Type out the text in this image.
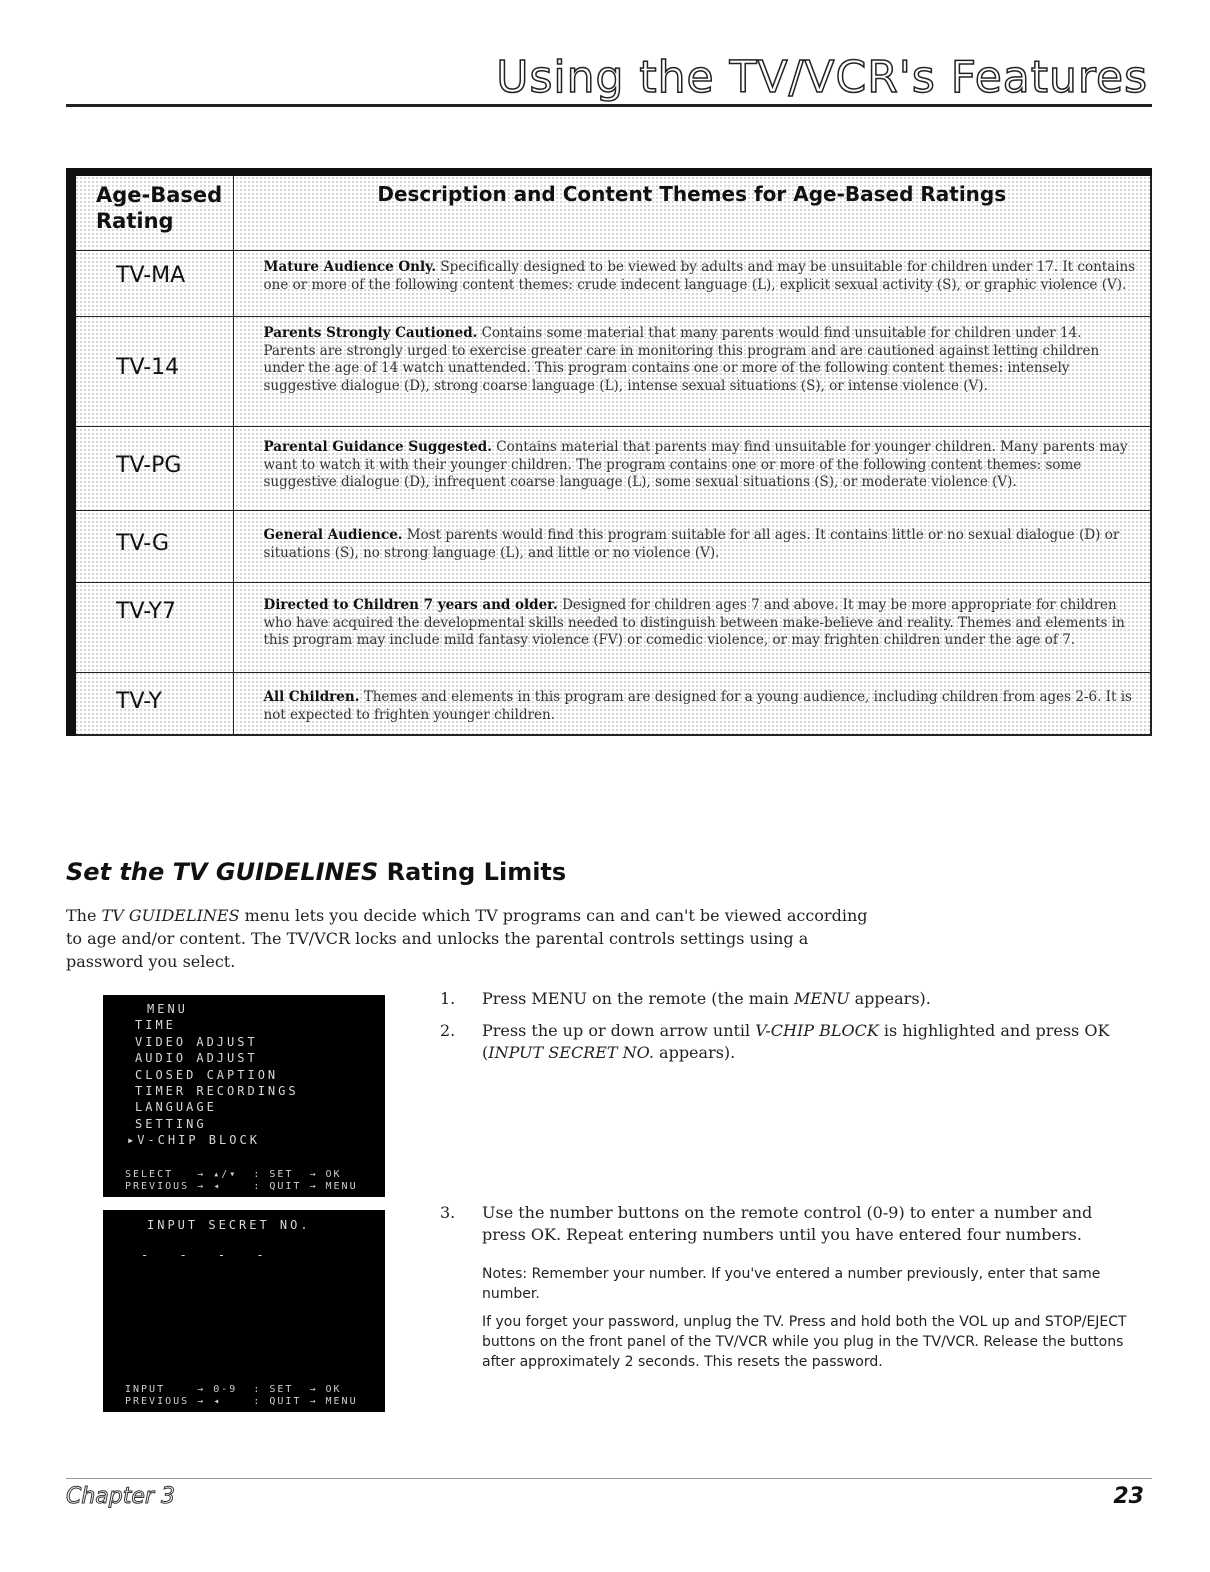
Using the TV/VCR's Features
Age-Based Rating	Description and Content Themes for Age-Based Ratings
TV-MA	Mature Audience Only. Specifically designed to be viewed by adults and may be unsuitable for children under 17. It contains one or more of the following content themes: crude indecent language (L), explicit sexual activity (S), or graphic violence (V).
TV-14	Parents Strongly Cautioned. Contains some material that many parents would find unsuitable for children under 14. Parents are strongly urged to exercise greater care in monitoring this program and are cautioned against letting children under the age of 14 watch unattended. This program contains one or more of the following content themes: intensely suggestive dialogue (D), strong coarse language (L), intense sexual situations (S), or intense violence (V).
TV-PG	Parental Guidance Suggested. Contains material that parents may find unsuitable for younger children. Many parents may want to watch it with their younger children. The program contains one or more of the following content themes: some suggestive dialogue (D), infrequent coarse language (L), some sexual situations (S), or moderate violence (V).
TV-G	General Audience. Most parents would find this program suitable for all ages. It contains little or no sexual dialogue (D) or situations (S), no strong language (L), and little or no violence (V).
TV-Y7	Directed to Children 7 years and older. Designed for children ages 7 and above. It may be more appropriate for children who have acquired the developmental skills needed to distinguish between make-believe and reality. Themes and elements in this program may include mild fantasy violence (FV) or comedic violence, or may frighten children under the age of 7.
TV-Y	All Children. Themes and elements in this program are designed for a young audience, including children from ages 2-6. It is not expected to frighten younger children.
Set the TV GUIDELINES Rating Limits
The TV GUIDELINES menu lets you decide which TV programs can and can't be viewed according to age and/or content. The TV/VCR locks and unlocks the parental controls settings using a password you select.
MENU
TIME
VIDEO ADJUST
AUDIO ADJUST
CLOSED CAPTION
TIMER RECORDINGS
LANGUAGE
SETTING
▸V-CHIP BLOCK
SELECT   → ▴/▾  : SET  → OK
PREVIOUS → ◂    : QUIT → MENU
INPUT SECRET NO.
- - - -
INPUT    → 0-9  : SET  → OK
PREVIOUS → ◂    : QUIT → MENU
1. Press MENU on the remote (the main MENU appears).
2. Press the up or down arrow until V-CHIP BLOCK is highlighted and press OK (INPUT SECRET NO. appears).
3. Use the number buttons on the remote control (0-9) to enter a number and press OK. Repeat entering numbers until you have entered four numbers.

Notes: Remember your number. If you've entered a number previously, enter that same number.

If you forget your password, unplug the TV. Press and hold both the VOL up and STOP/EJECT buttons on the front panel of the TV/VCR while you plug in the TV/VCR. Release the buttons after approximately 2 seconds. This resets the password.

Chapter 3	23
